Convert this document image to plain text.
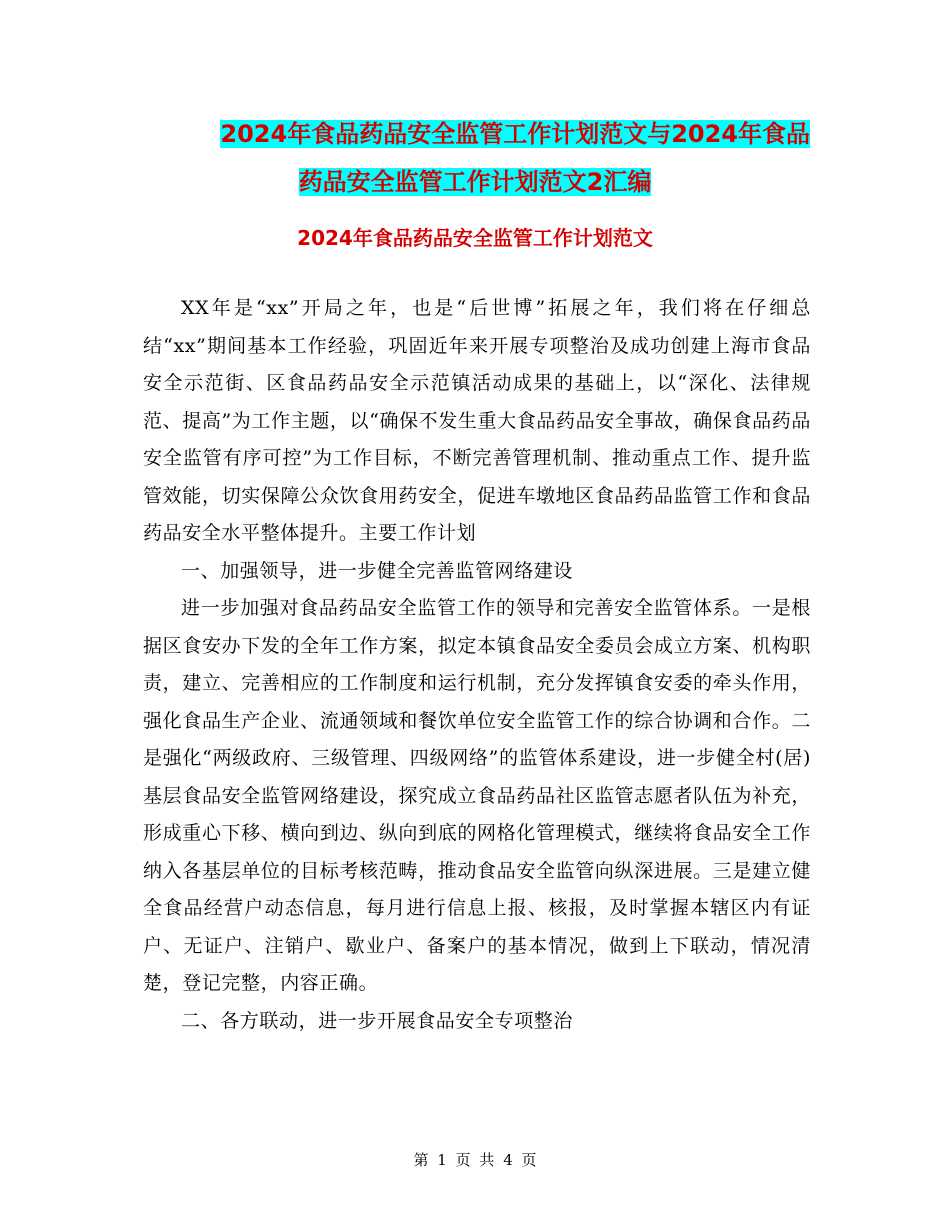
2024年食品药品安全监管工作计划范文与2024年食品
药品安全监管工作计划范文2汇编
2024年食品药品安全监管工作计划范文

XX年是“xx”开局之年，也是“后世博”拓展之年，我们将在仔细总结“xx”期间基本工作经验，巩固近年来开展专项整治及成功创建上海市食品安全示范街、区食品药品安全示范镇活动成果的基础上，以“深化、法律规范、提高”为工作主题，以“确保不发生重大食品药品安全事故，确保食品药品安全监管有序可控”为工作目标，不断完善管理机制、推动重点工作、提升监管效能，切实保障公众饮食用药安全，促进车墩地区食品药品监管工作和食品药品安全水平整体提升。主要工作计划

一、加强领导，进一步健全完善监管网络建设

进一步加强对食品药品安全监管工作的领导和完善安全监管体系。一是根据区食安办下发的全年工作方案，拟定本镇食品安全委员会成立方案、机构职责，建立、完善相应的工作制度和运行机制，充分发挥镇食安委的牵头作用，强化食品生产企业、流通领域和餐饮单位安全监管工作的综合协调和合作。二是强化“两级政府、三级管理、四级网络”的监管体系建设，进一步健全村(居)基层食品安全监管网络建设，探究成立食品药品社区监管志愿者队伍为补充，形成重心下移、横向到边、纵向到底的网格化管理模式，继续将食品安全工作纳入各基层单位的目标考核范畴，推动食品安全监管向纵深进展。三是建立健全食品经营户动态信息，每月进行信息上报、核报，及时掌握本辖区内有证户、无证户、注销户、歇业户、备案户的基本情况，做到上下联动，情况清楚，登记完整，内容正确。

二、各方联动，进一步开展食品安全专项整治

第 1 页 共 4 页
